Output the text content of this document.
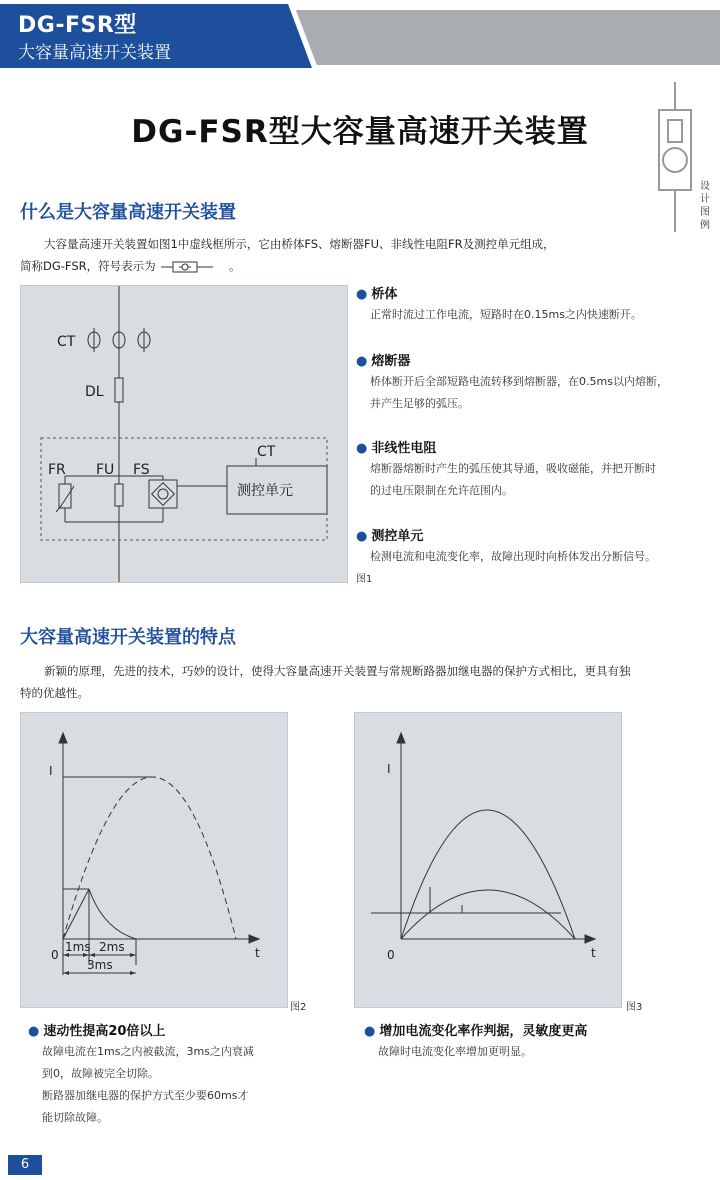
DG-FSR型
大容量高速开关装置
DG-FSR型大容量高速开关装置
设
计
图
例
什么是大容量高速开关装置
大容量高速开关装置如图1中虚线框所示，它由桥体FS、熔断器FU、非线性电阻FR及测控单元组成，
简称DG-FSR，符号表示为	。
CT
DL
FR FU FS
CT
测控单元
● 桥体
正常时流过工作电流，短路时在0.15ms之内快速断开。
● 熔断器
桥体断开后全部短路电流转移到熔断器，在0.5ms以内熔断，
并产生足够的弧压。
● 非线性电阻
熔断器熔断时产生的弧压使其导通，吸收磁能，并把开断时
的过电压限制在允许范围内。
● 测控单元
检测电流和电流变化率，故障出现时向桥体发出分断信号。
图1
大容量高速开关装置的特点
新颖的原理，先进的技术，巧妙的设计，使得大容量高速开关装置与常规断路器加继电器的保护方式相比，更具有独
特的优越性。
I
t
0
1ms 2ms
3ms
图2
I
t
0
图3
● 速动性提高20倍以上
故障电流在1ms之内被截流，3ms之内衰减
到0，故障被完全切除。
断路器加继电器的保护方式至少要60ms才
能切除故障。
● 增加电流变化率作判据，灵敏度更高
故障时电流变化率增加更明显。
6
